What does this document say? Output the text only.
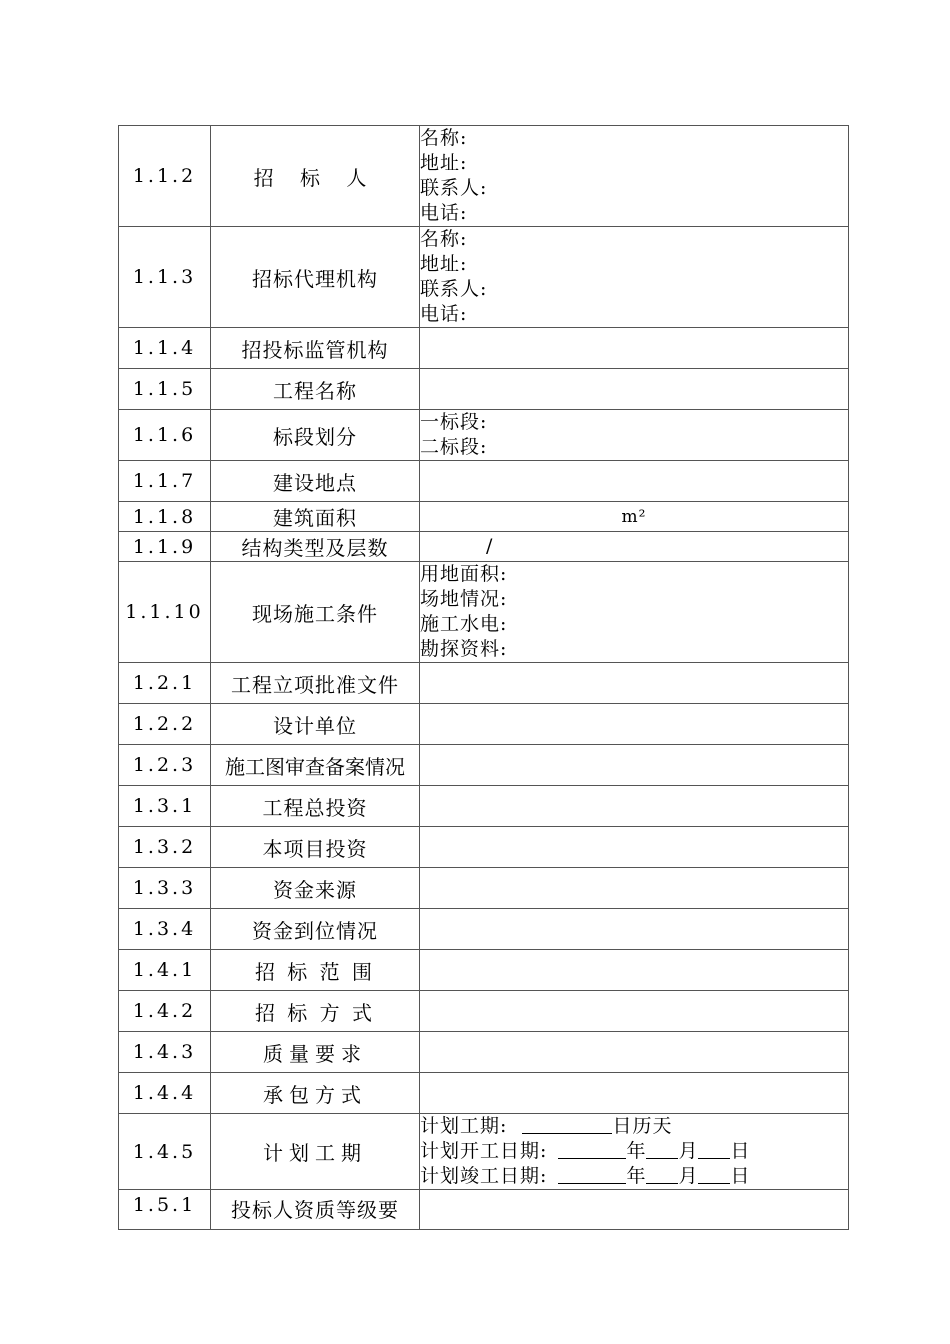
1.1.2	招 标 人	名称:
地址:
联系人:
电话:

1.1.3	招标代理机构	名称:
地址:
联系人:
电话:

1.1.4	招投标监管机构	
1.1.5	工程名称	
1.1.6	标段划分	一标段:
二标段:

1.1.7	建设地点	
1.1.8	建筑面积	m²
1.1.9	结构类型及层数	/
1.1.10	现场施工条件	用地面积:
场地情况:
施工水电:
勘探资料:

1.2.1	工程立项批准文件	
1.2.2	设计单位	
1.2.3	施工图审查备案情况	
1.3.1	工程总投资	
1.3.2	本项目投资	
1.3.3	资金来源	
1.3.4	资金到位情况	
1.4.1	招 标 范 围	
1.4.2	招 标 方 式	
1.4.3	质量要求	
1.4.4	承包方式	
1.4.5	计划工期	计划工期: 日历天
计划开工日期: 年 月 日
计划竣工日期: 年 月 日

1.5.1	投标人资质等级要	
